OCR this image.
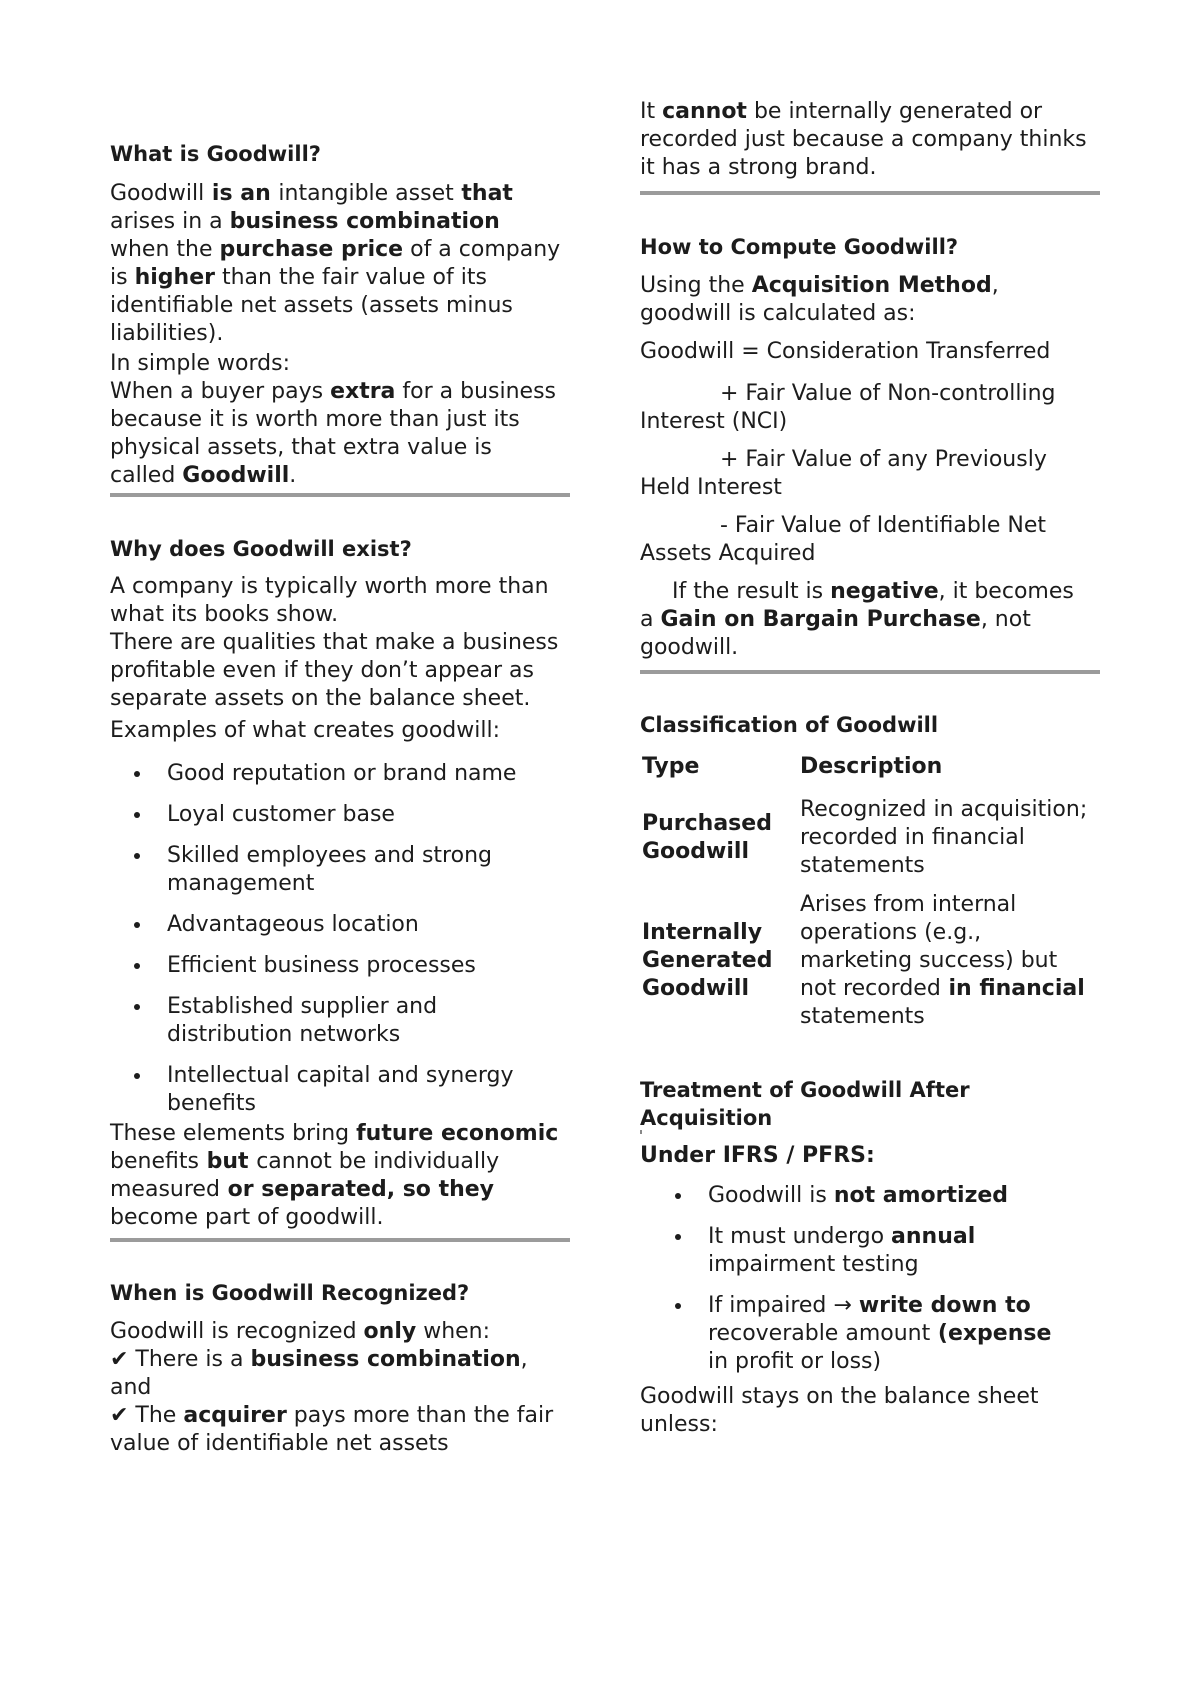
What is Goodwill?
Goodwill is an intangible asset that
arises in a business combination
when the purchase price of a company
is higher than the fair value of its
identifiable net assets (assets minus
liabilities).
In simple words:
When a buyer pays extra for a business
because it is worth more than just its
physical assets, that extra value is
called Goodwill.
Why does Goodwill exist?
A company is typically worth more than
what its books show.
There are qualities that make a business
profitable even if they don’t appear as
separate assets on the balance sheet.
Examples of what creates goodwill:
Good reputation or brand name
Loyal customer base
Skilled employees and strong
management
Advantageous location
Efficient business processes
Established supplier and
distribution networks
Intellectual capital and synergy
benefits
These elements bring future economic
benefits but cannot be individually
measured or separated, so they
become part of goodwill.
When is Goodwill Recognized?
Goodwill is recognized only when:
✔ There is a business combination,
and
✔ The acquirer pays more than the fair
value of identifiable net assets
It cannot be internally generated or
recorded just because a company thinks
it has a strong brand.
How to Compute Goodwill?
Using the Acquisition Method,
goodwill is calculated as:
Goodwill = Consideration Transferred
+ Fair Value of Non-controlling
Interest (NCI)
+ Fair Value of any Previously
Held Interest
- Fair Value of Identifiable Net
Assets Acquired
If the result is negative, it becomes
a Gain on Bargain Purchase, not
goodwill.
Classification of Goodwill
Type	Description
Purchased
Goodwill
Recognized in acquisition;
recorded in financial
statements
Internally
Generated
Goodwill
Arises from internal
operations (e.g.,
marketing success) but
not recorded in financial
statements
Treatment of Goodwill After
Acquisition
Under IFRS / PFRS:
Goodwill is not amortized
It must undergo annual
impairment testing
If impaired → write down to
recoverable amount (expense
in profit or loss)
Goodwill stays on the balance sheet
unless:
